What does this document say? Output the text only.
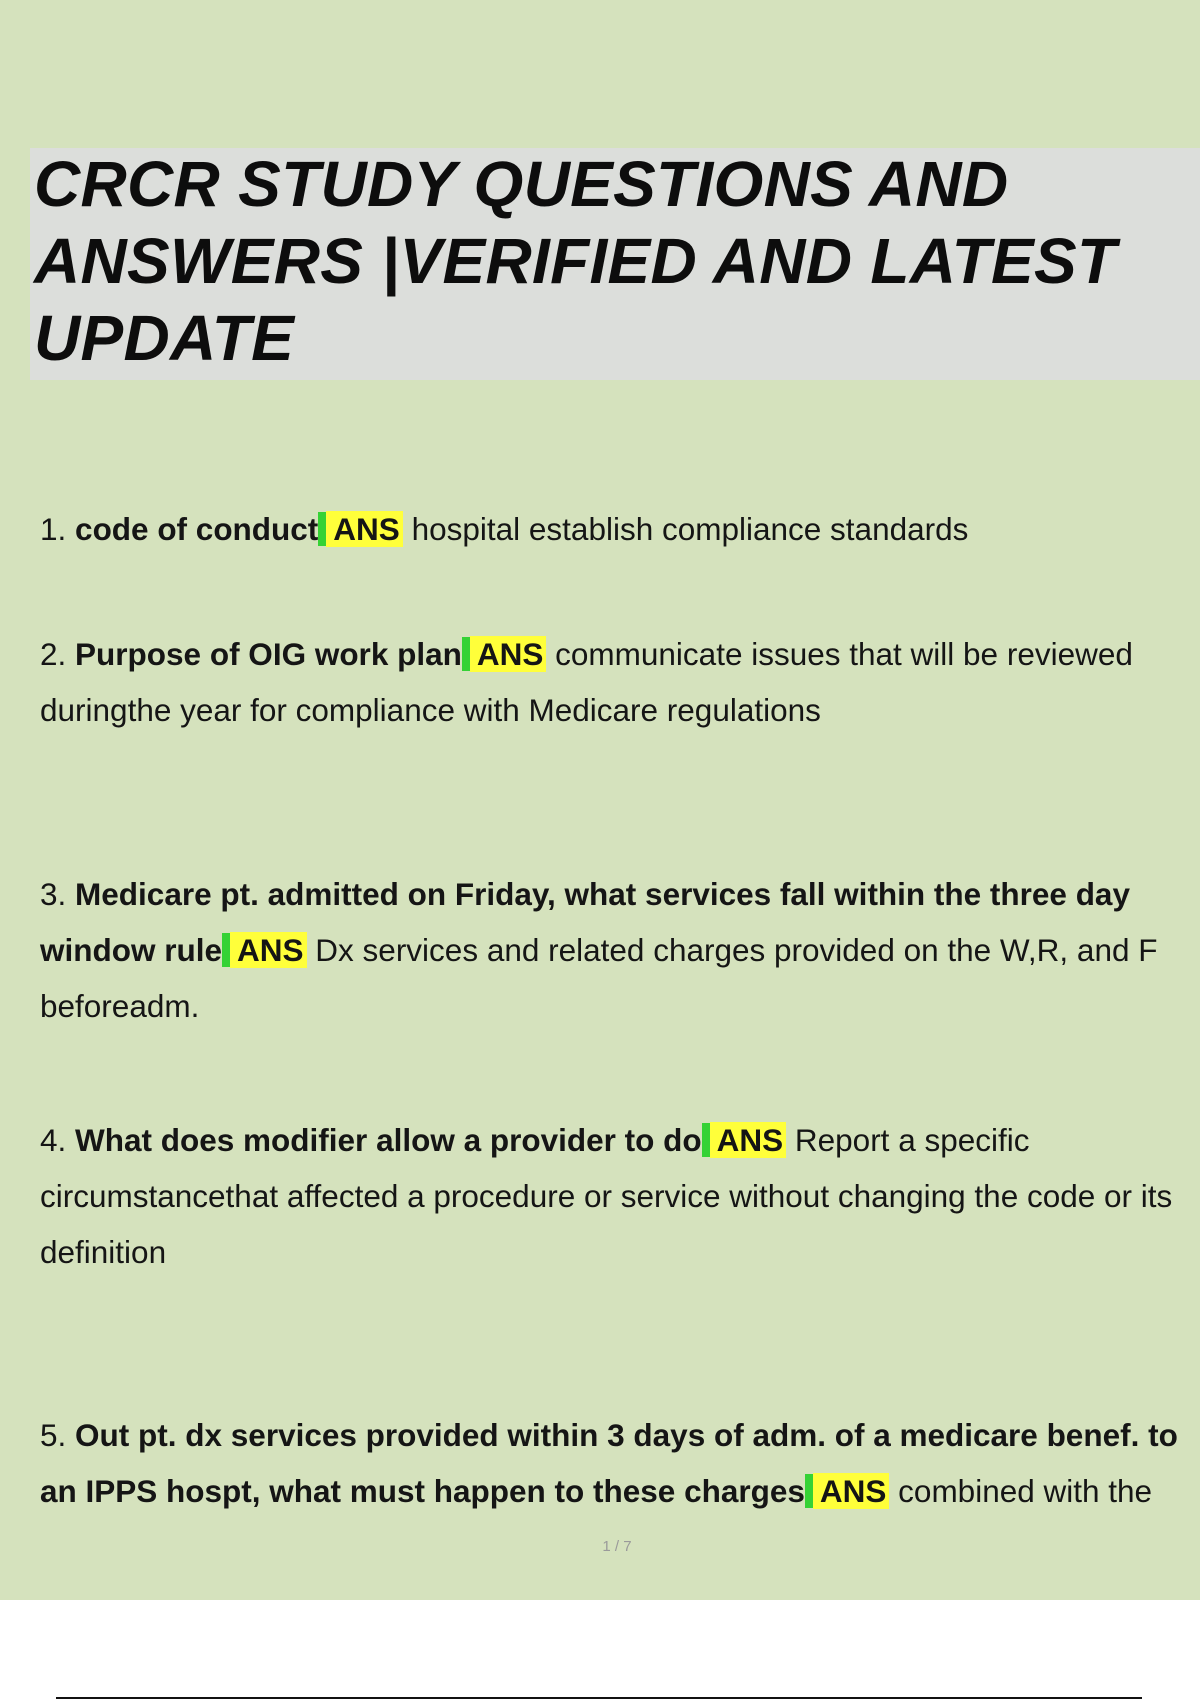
CRCR STUDY QUESTIONS AND ANSWERS |VERIFIED AND LATEST UPDATE

1. code of conduct ANS hospital establish compliance standards

2. Purpose of OIG work plan ANS communicate issues that will be reviewed duringthe year for compliance with Medicare regulations

3. Medicare pt. admitted on Friday, what services fall within the three day window rule ANS Dx services and related charges provided on the W,R, and F beforeadm.

4. What does modifier allow a provider to do ANS Report a specific circumstancethat affected a procedure or service without changing the code or its definition

5. Out pt. dx services provided within 3 days of adm. of a medicare benef. to an IPPS hospt, what must happen to these charges ANS combined with the

1 / 7
